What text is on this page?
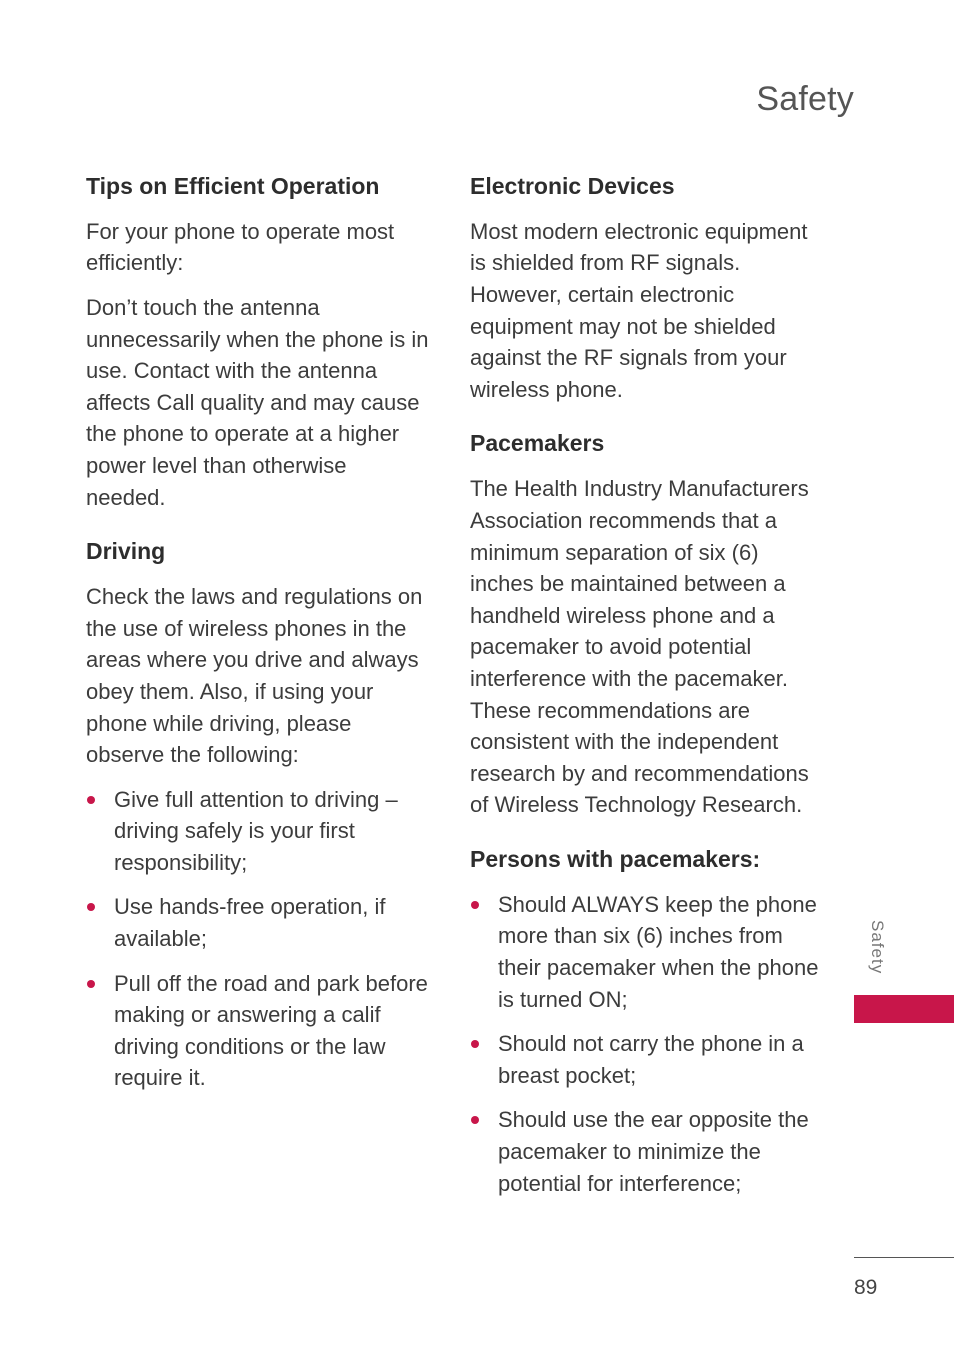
Safety
Tips on Efficient Operation

For your phone to operate most efficiently:

Don’t touch the antenna unnecessarily when the phone is in use. Contact with the antenna affects Call quality and may cause the phone to operate at a higher power level than otherwise needed.

Driving

Check the laws and regulations on the use of wireless phones in the areas where you drive and always obey them. Also, if using your phone while driving, please observe the following:

Give full attention to driving – driving safely is your first responsibility;
Use hands-free operation, if available;
Pull off the road and park before making or answering a calif driving conditions or the law require it.
Electronic Devices

Most modern electronic equipment is shielded from RF signals. However, certain electronic equipment may not be shielded against the RF signals from your wireless phone.

Pacemakers

The Health Industry Manufacturers Association recommends that a minimum separation of six (6) inches be maintained between a handheld wireless phone and a pacemaker to avoid potential interference with the pacemaker. These recommendations are consistent with the independent research by and recommendations of Wireless Technology Research.

Persons with pacemakers:
Should ALWAYS keep the phone more than six (6) inches from their pacemaker when the phone is turned ON;
Should not carry the phone in a breast pocket;
Should use the ear opposite the pacemaker to minimize the potential for interference;
Safety
89
